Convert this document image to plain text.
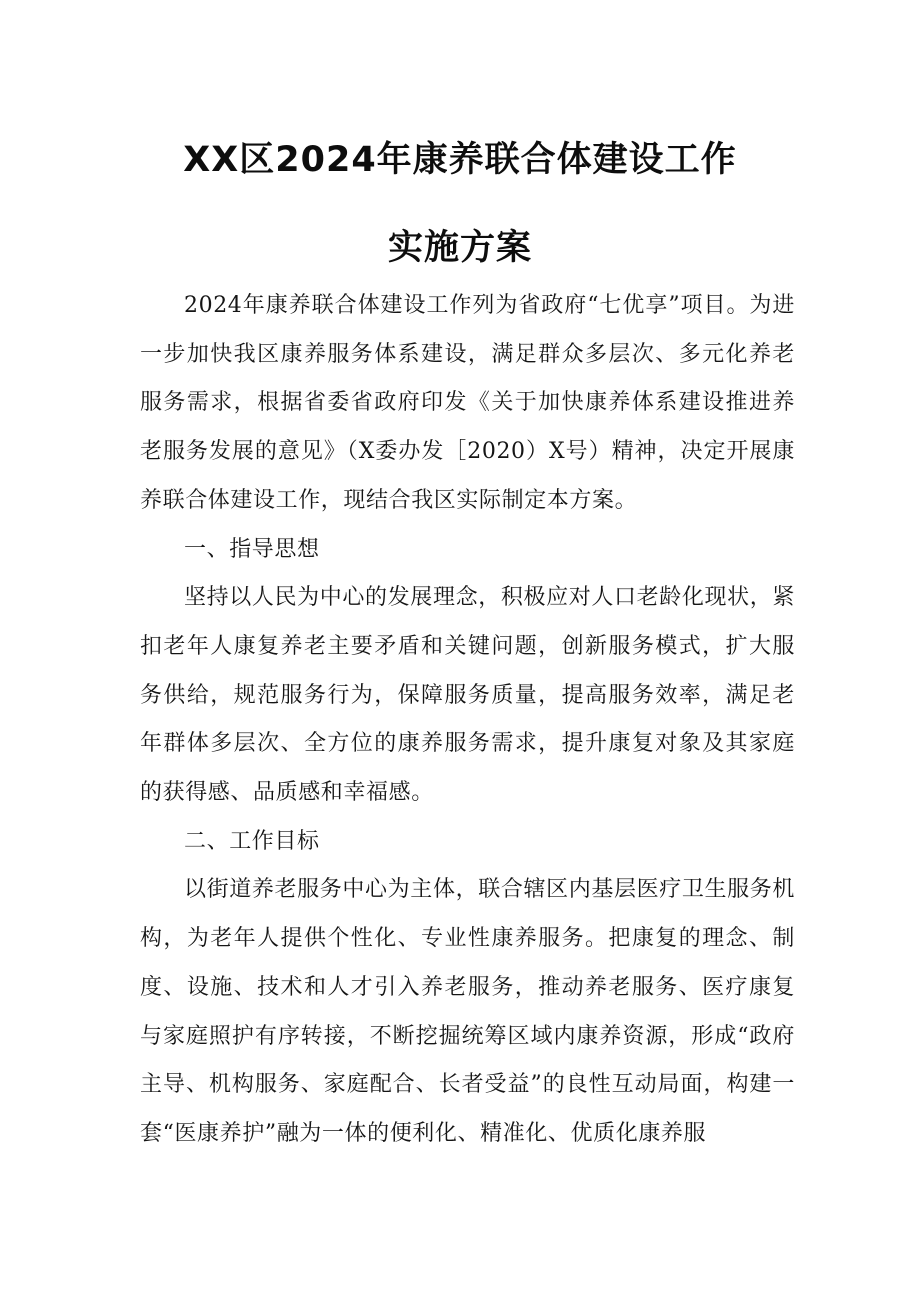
XX区2024年康养联合体建设工作
实施方案

2024年康养联合体建设工作列为省政府“七优享”项目。为进一步加快我区康养服务体系建设，满足群众多层次、多元化养老服务需求，根据省委省政府印发《关于加快康养体系建设推进养老服务发展的意见》（X委办发［2020）X号）精神，决定开展康养联合体建设工作，现结合我区实际制定本方案。

一、指导思想

坚持以人民为中心的发展理念，积极应对人口老龄化现状，紧扣老年人康复养老主要矛盾和关键问题，创新服务模式，扩大服务供给，规范服务行为，保障服务质量，提高服务效率，满足老年群体多层次、全方位的康养服务需求，提升康复对象及其家庭的获得感、品质感和幸福感。

二、工作目标

以街道养老服务中心为主体，联合辖区内基层医疗卫生服务机构，为老年人提供个性化、专业性康养服务。把康复的理念、制度、设施、技术和人才引入养老服务，推动养老服务、医疗康复与家庭照护有序转接，不断挖掘统筹区域内康养资源，形成“政府主导、机构服务、家庭配合、长者受益”的良性互动局面，构建一套“医康养护”融为一体的便利化、精准化、优质化康养服
